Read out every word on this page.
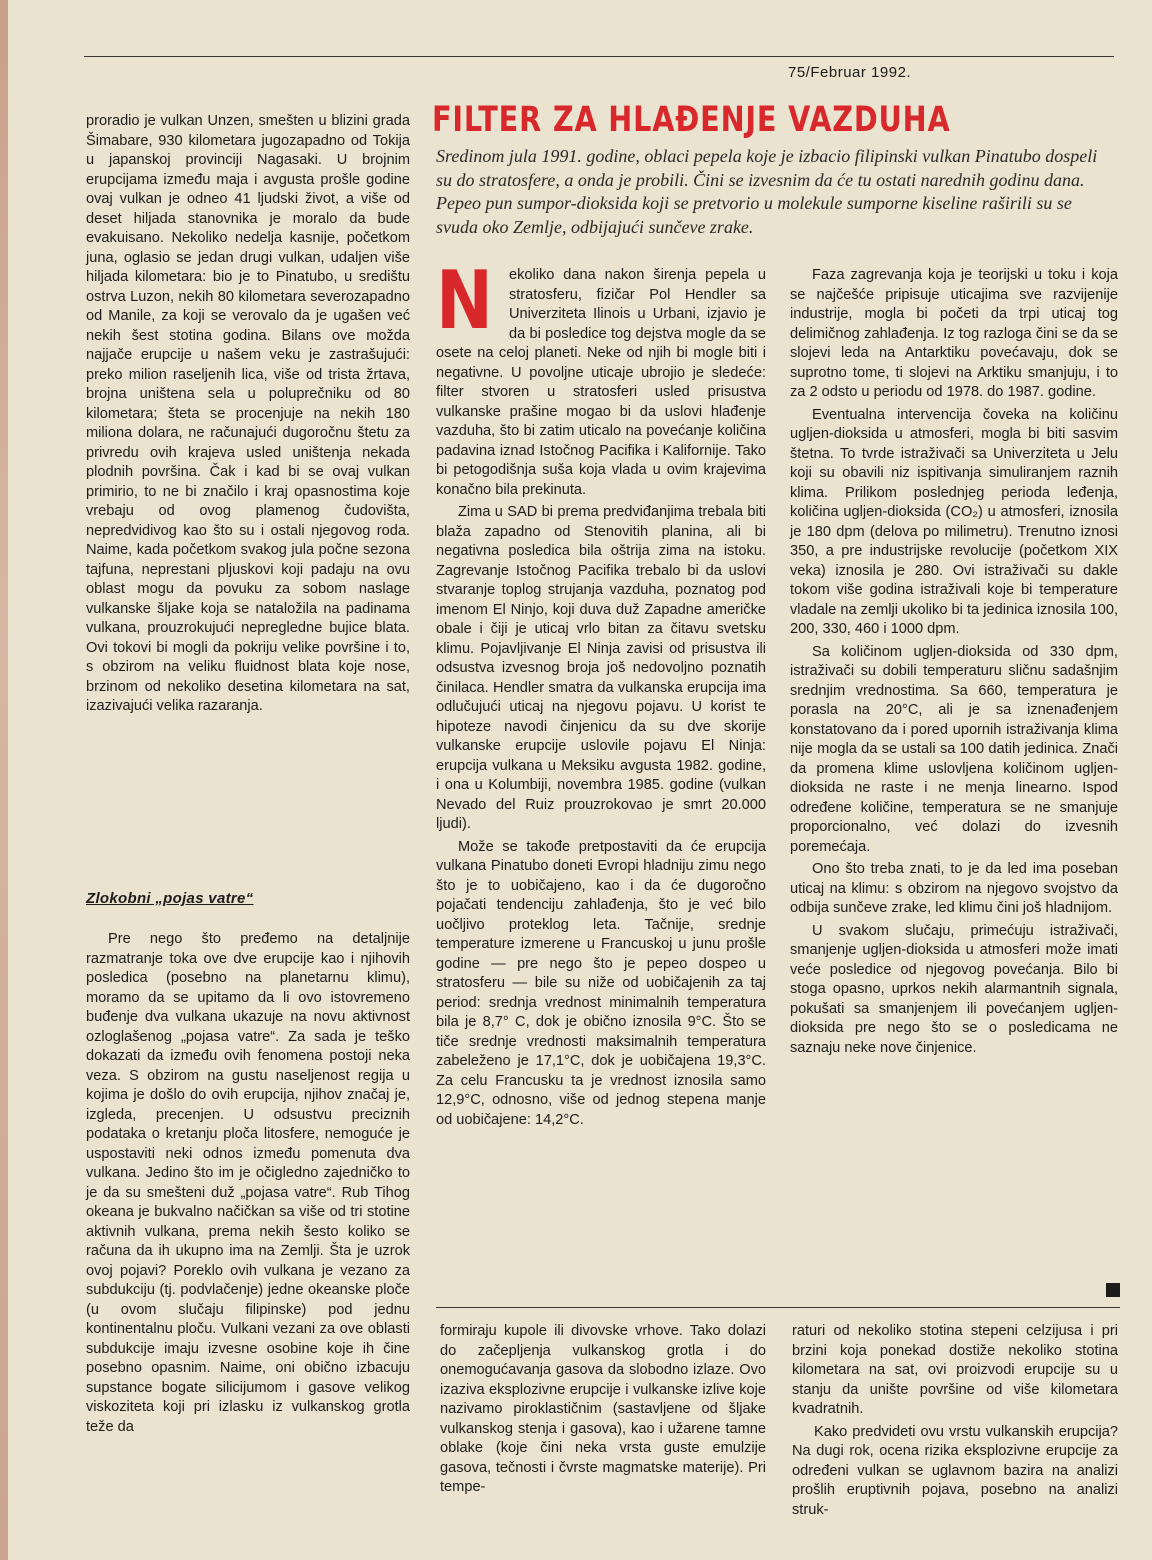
75/Februar 1992.

proradio je vulkan Unzen, smešten u blizini grada Šimabare, 930 kilometara jugozapadno od Tokija u japanskoj provinciji Nagasaki. U brojnim erupcijama između maja i avgusta prošle godine ovaj vulkan je odneo 41 ljudski život, a više od deset hiljada stanovnika je moralo da bude evakuisano. Nekoliko nedelja kasnije, početkom juna, oglasio se jedan drugi vulkan, udaljen više hiljada kilometara: bio je to Pinatubo, u središtu ostrva Luzon, nekih 80 kilometara severozapadno od Manile, za koji se verovalo da je ugašen već nekih šest stotina godina. Bilans ove možda najjače erupcije u našem veku je zastrašujući: preko milion raseljenih lica, više od trista žrtava, brojna uništena sela u poluprečniku od 80 kilometara; šteta se procenjuje na nekih 180 miliona dolara, ne računajući dugoročnu štetu za privredu ovih krajeva usled uništenja nekada plodnih površina. Čak i kad bi se ovaj vulkan primirio, to ne bi značilo i kraj opasnostima koje vrebaju od ovog plamenog čudovišta, nepredvidivog kao što su i ostali njegovog roda. Naime, kada početkom svakog jula počne sezona tajfuna, neprestani pljuskovi koji padaju na ovu oblast mogu da povuku za sobom naslage vulkanske šljake koja se nataložila na padinama vulkana, prouzrokujući nepregledne bujice blata. Ovi tokovi bi mogli da pokriju velike površine i to, s obzirom na veliku fluidnost blata koje nose, brzinom od nekoliko desetina kilometara na sat, izazivajući velika razaranja.

Zlokobni „pojas vatre“

Pre nego što pređemo na detaljnije razmatranje toka ove dve erupcije kao i njihovih posledica (posebno na planetarnu klimu), moramo da se upitamo da li ovo istovremeno buđenje dva vulkana ukazuje na novu aktivnost ozloglašenog „pojasa vatre“. Za sada je teško dokazati da između ovih fenomena postoji neka veza. S obzirom na gustu naseljenost regija u kojima je došlo do ovih erupcija, njihov značaj je, izgleda, precenjen. U odsustvu preciznih podataka o kretanju ploča litosfere, nemoguće je uspostaviti neki odnos između pomenuta dva vulkana. Jedino što im je očigledno zajedničko to je da su smešteni duž „pojasa vatre“. Rub Tihog okeana je bukvalno načičkan sa više od tri stotine aktivnih vulkana, prema nekih šesto koliko se računa da ih ukupno ima na Zemlji. Šta je uzrok ovoj pojavi? Poreklo ovih vulkana je vezano za subdukciju (tj. podvlačenje) jedne okeanske ploče (u ovom slučaju filipinske) pod jednu kontinentalnu ploču. Vulkani vezani za ove oblasti subdukcije imaju izvesne osobine koje ih čine posebno opasnim. Naime, oni obično izbacuju supstance bogate silicijumom i gasove velikog viskoziteta koji pri izlasku iz vulkanskog grotla teže da

FILTER ZA HLAĐENJE VAZDUHA
Sredinom jula 1991. godine, oblaci pepela koje je izbacio filipinski vulkan Pinatubo dospeli su do stratosfere, a onda je probili. Čini se izvesnim da će tu ostati narednih godinu dana. Pepeo pun sumpor-dioksida koji se pretvorio u molekule sumporne kiseline raširili su se svuda oko Zemlje, odbijajući sunčeve zrake.

N ekoliko dana nakon širenja pepela u stratosferu, fizičar Pol Hendler sa Univerziteta Ilinois u Urbani, izjavio je da bi posledice tog dejstva mogle da se osete na celoj planeti. Neke od njih bi mogle biti i negativne. U povoljne uticaje ubrojio je sledeće: filter stvoren u stratosferi usled prisustva vulkanske prašine mogao bi da uslovi hlađenje vazduha, što bi zatim uticalo na povećanje količina padavina iznad Istočnog Pacifika i Kalifornije. Tako bi petogodišnja suša koja vlada u ovim krajevima konačno bila prekinuta.

Zima u SAD bi prema predviđanjima trebala biti blaža zapadno od Stenovitih planina, ali bi negativna posledica bila oštrija zima na istoku. Zagrevanje Istočnog Pacifika trebalo bi da uslovi stvaranje toplog strujanja vazduha, poznatog pod imenom El Ninjo, koji duva duž Zapadne američke obale i čiji je uticaj vrlo bitan za čitavu svetsku klimu. Pojavljivanje El Ninja zavisi od prisustva ili odsustva izvesnog broja još nedovoljno poznatih činilaca. Hendler smatra da vulkanska erupcija ima odlučujući uticaj na njegovu pojavu. U korist te hipoteze navodi činjenicu da su dve skorije vulkanske erupcije uslovile pojavu El Ninja: erupcija vulkana u Meksiku avgusta 1982. godine, i ona u Kolumbiji, novembra 1985. godine (vulkan Nevado del Ruiz prouzrokovao je smrt 20.000 ljudi).

Može se takođe pretpostaviti da će erupcija vulkana Pinatubo doneti Evropi hladniju zimu nego što je to uobičajeno, kao i da će dugoročno pojačati tendenciju zahlađenja, što je već bilo uočljivo proteklog leta. Tačnije, srednje temperature izmerene u Francuskoj u junu prošle godine — pre nego što je pepeo dospeo u stratosferu — bile su niže od uobičajenih za taj period: srednja vrednost minimalnih temperatura bila je 8,7° C, dok je obično iznosila 9°C. Što se tiče srednje vrednosti maksimalnih temperatura zabeleženo je 17,1°C, dok je uobičajena 19,3°C. Za celu Francusku ta je vrednost iznosila samo 12,9°C, odnosno, više od jednog stepena manje od uobičajene: 14,2°C.

Faza zagrevanja koja je teorijski u toku i koja se najčešće pripisuje uticajima sve razvijenije industrije, mogla bi početi da trpi uticaj tog delimičnog zahlađenja. Iz tog razloga čini se da se slojevi leda na Antarktiku povećavaju, dok se suprotno tome, ti slojevi na Arktiku smanjuju, i to za 2 odsto u periodu od 1978. do 1987. godine.

Eventualna intervencija čoveka na količinu ugljen-dioksida u atmosferi, mogla bi biti sasvim štetna. To tvrde istraživači sa Univerziteta u Jelu koji su obavili niz ispitivanja simuliranjem raznih klima. Prilikom poslednjeg perioda leđenja, količina ugljen-dioksida (CO₂) u atmosferi, iznosila je 180 dpm (delova po milimetru). Trenutno iznosi 350, a pre industrijske revolucije (početkom XIX veka) iznosila je 280. Ovi istraživači su dakle tokom više godina istraživali koje bi temperature vladale na zemlji ukoliko bi ta jedinica iznosila 100, 200, 330, 460 i 1000 dpm.

Sa količinom ugljen-dioksida od 330 dpm, istraživači su dobili temperaturu sličnu sadašnjim srednjim vrednostima. Sa 660, temperatura je porasla na 20°C, ali je sa iznenađenjem konstatovano da i pored upornih istraživanja klima nije mogla da se ustali sa 100 datih jedinica. Znači da promena klime uslovljena količinom ugljen-dioksida ne raste i ne menja linearno. Ispod određene količine, temperatura se ne smanjuje proporcionalno, već dolazi do izvesnih poremećaja.

Ono što treba znati, to je da led ima poseban uticaj na klimu: s obzirom na njegovo svojstvo da odbija sunčeve zrake, led klimu čini još hladnijom.

U svakom slučaju, primećuju istraživači, smanjenje ugljen-dioksida u atmosferi može imati veće posledice od njegovog povećanja. Bilo bi stoga opasno, uprkos nekih alarmantnih signala, pokušati sa smanjenjem ili povećanjem ugljen-dioksida pre nego što se o posledicama ne saznaju neke nove činjenice.

formiraju kupole ili divovske vrhove. Tako dolazi do začepljenja vulkanskog grotla i do onemogućavanja gasova da slobodno izlaze. Ovo izaziva eksplozivne erupcije i vulkanske izlive koje nazivamo piroklastičnim (sastavljene od šljake vulkanskog stenja i gasova), kao i užarene tamne oblake (koje čini neka vrsta guste emulzije gasova, tečnosti i čvrste magmatske materije). Pri tempe-

raturi od nekoliko stotina stepeni celzijusa i pri brzini koja ponekad dostiže nekoliko stotina kilometara na sat, ovi proizvodi erupcije su u stanju da unište površine od više kilometara kvadratnih.

Kako predvideti ovu vrstu vulkanskih erupcija? Na dugi rok, ocena rizika eksplozivne erupcije za određeni vulkan se uglavnom bazira na analizi prošlih eruptivnih pojava, posebno na analizi struk-
